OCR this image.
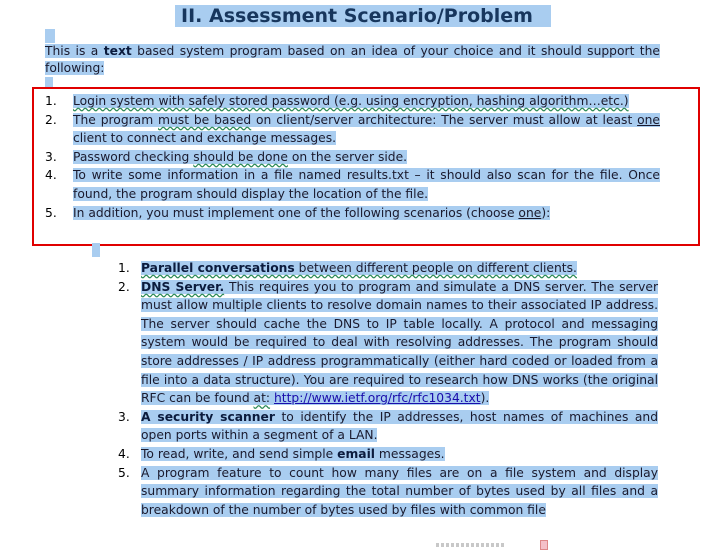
II. Assessment Scenario/Problem
This is a text based system program based on an idea of your choice and it should support the following:
1. Login system with safely stored password (e.g. using encryption, hashing algorithm…etc.)
2. The program must be based on client/server architecture: The server must allow at least one client to connect and exchange messages.
3. Password checking should be done on the server side.
4. To write some information in a file named results.txt – it should also scan for the file. Once found, the program should display the location of the file.
5. In addition, you must implement one of the following scenarios (choose one):
1. Parallel conversations between different people on different clients.
2. DNS Server. This requires you to program and simulate a DNS server. The server must allow multiple clients to resolve domain names to their associated IP address. The server should cache the DNS to IP table locally. A protocol and messaging system would be required to deal with resolving addresses. The program should store addresses / IP address programmatically (either hard coded or loaded from a file into a data structure). You are required to research how DNS works (the original RFC can be found at: http://www.ietf.org/rfc/rfc1034.txt).
3. A security scanner to identify the IP addresses, host names of machines and open ports within a segment of a LAN.
4. To read, write, and send simple email messages.
5. A program feature to count how many files are on a file system and display summary information regarding the total number of bytes used by all files and a breakdown of the number of bytes used by files with common file
